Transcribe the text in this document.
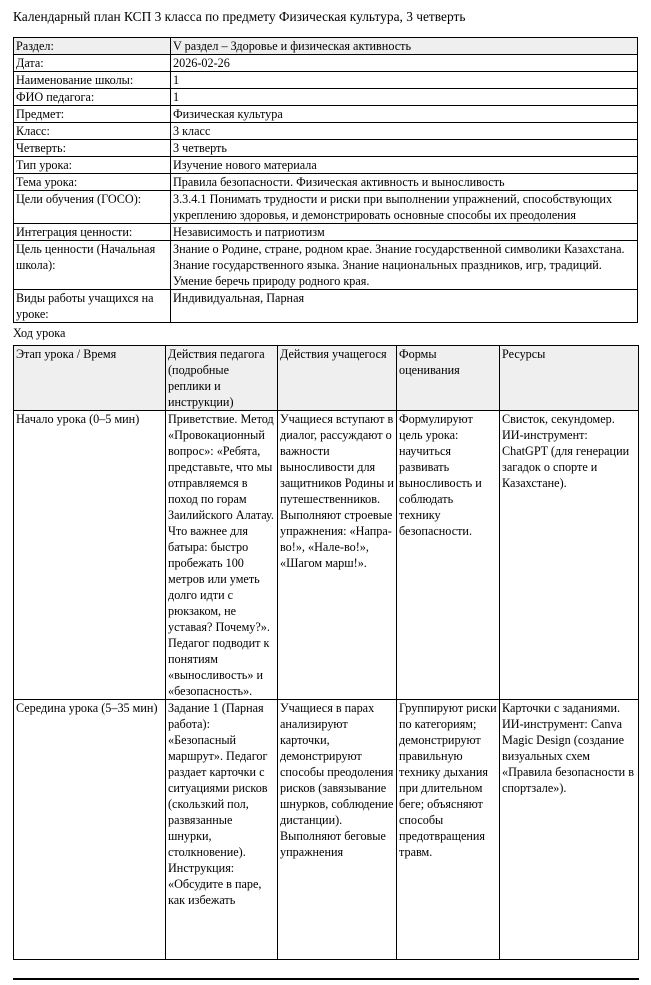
Календарный план КСП 3 класса по предмету Физическая культура, 3 четверть
Раздел:	V раздел – Здоровье и физическая активность
Дата:	2026-02-26
Наименование школы:	1
ФИО педагога:	1
Предмет:	Физическая культура
Класс:	3 класс
Четверть:	3 четверть
Тип урока:	Изучение нового материала
Тема урока:	Правила безопасности. Физическая активность и выносливость
Цели обучения (ГОСО):	3.3.4.1 Понимать трудности и риски при выполнении упражнений, способствующих укреплению здоровья, и демонстрировать основные способы их преодоления
Интеграция ценности:	Независимость и патриотизм
Цель ценности (Начальная школа):	Знание о Родине, стране, родном крае. Знание государственной символики Казахстана. Знание государственного языка. Знание национальных праздников, игр, традиций. Умение беречь природу родного края.
Виды работы учащихся на уроке:	Индивидуальная, Парная
Ход урока
Этап урока / Время	Действия педагога (подробные реплики и инструкции)	Действия учащегося	Формы оценивания	Ресурсы
Начало урока (0–5 мин)	Приветствие. Метод «Провокационный вопрос»: «Ребята, представьте, что мы отправляемся в поход по горам Заилийского Алатау. Что важнее для батыра: быстро пробежать 100 метров или уметь долго идти с рюкзаком, не уставая? Почему?». Педагог подводит к понятиям «выносливость» и «безопасность».	Учащиеся вступают в диалог, рассуждают о важности выносливости для защитников Родины и путешественников. Выполняют строевые упражнения: «Напра-во!», «Нале-во!», «Шагом марш!».	Формулируют цель урока: научиться развивать выносливость и соблюдать технику безопасности.	Свисток, секундомер. ИИ-инструмент: ChatGPT (для генерации загадок о спорте и Казахстане).
Середина урока (5–35 мин)	Задание 1 (Парная работа): «Безопасный маршрут». Педагог раздает карточки с ситуациями рисков (скользкий пол, развязанные шнурки, столкновение). Инструкция: «Обсудите в паре, как избежать	Учащиеся в парах анализируют карточки, демонстрируют способы преодоления рисков (завязывание шнурков, соблюдение дистанции). Выполняют беговые упражнения	Группируют риски по категориям; демонстрируют правильную технику дыхания при длительном беге; объясняют способы предотвращения травм.	Карточки с заданиями. ИИ-инструмент: Canva Magic Design (создание визуальных схем «Правила безопасности в спортзале»).
